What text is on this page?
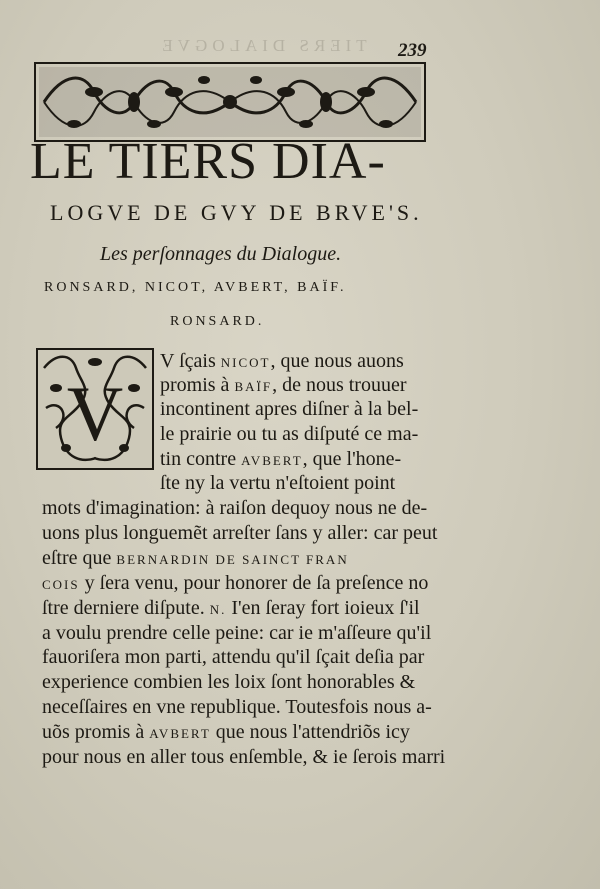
TIERS DIALOGVE	239
LE TIERS DIA-
LOGVE DE GVY DE BRVE'S.
Les perſonnages du Dialogue.
RONSARD, NICOT, AVBERT, BAÏF.
RONSARD.
V
V ſçais NICOT, que nous auons
promis à BAÏF, de nous trouuer
incontinent apres diſner à la bel-
le prairie ou tu as diſputé ce ma-
tin contre AVBERT, que l'hone-
ſte ny la vertu n'eſtoient point
mots d'imagination: à raiſon dequoy nous ne de-
uons plus longuemẽt arreſter ſans y aller: car peut
eſtre que BERNARDIN DE SAINCT FRAN
COIS y ſera venu, pour honorer de ſa preſence no
ſtre derniere diſpute. N. I'en ſeray fort ioieux ſ'il
a voulu prendre celle peine: car ie m'aſſeure qu'il
fauoriſera mon parti, attendu qu'il ſçait deſia par
experience combien les loix ſont honorables &
neceſſaires en vne republique. Toutesfois nous a-
uõs promis à AVBERT que nous l'attendriõs icy
pour nous en aller tous enſemble, & ie ſerois marri
